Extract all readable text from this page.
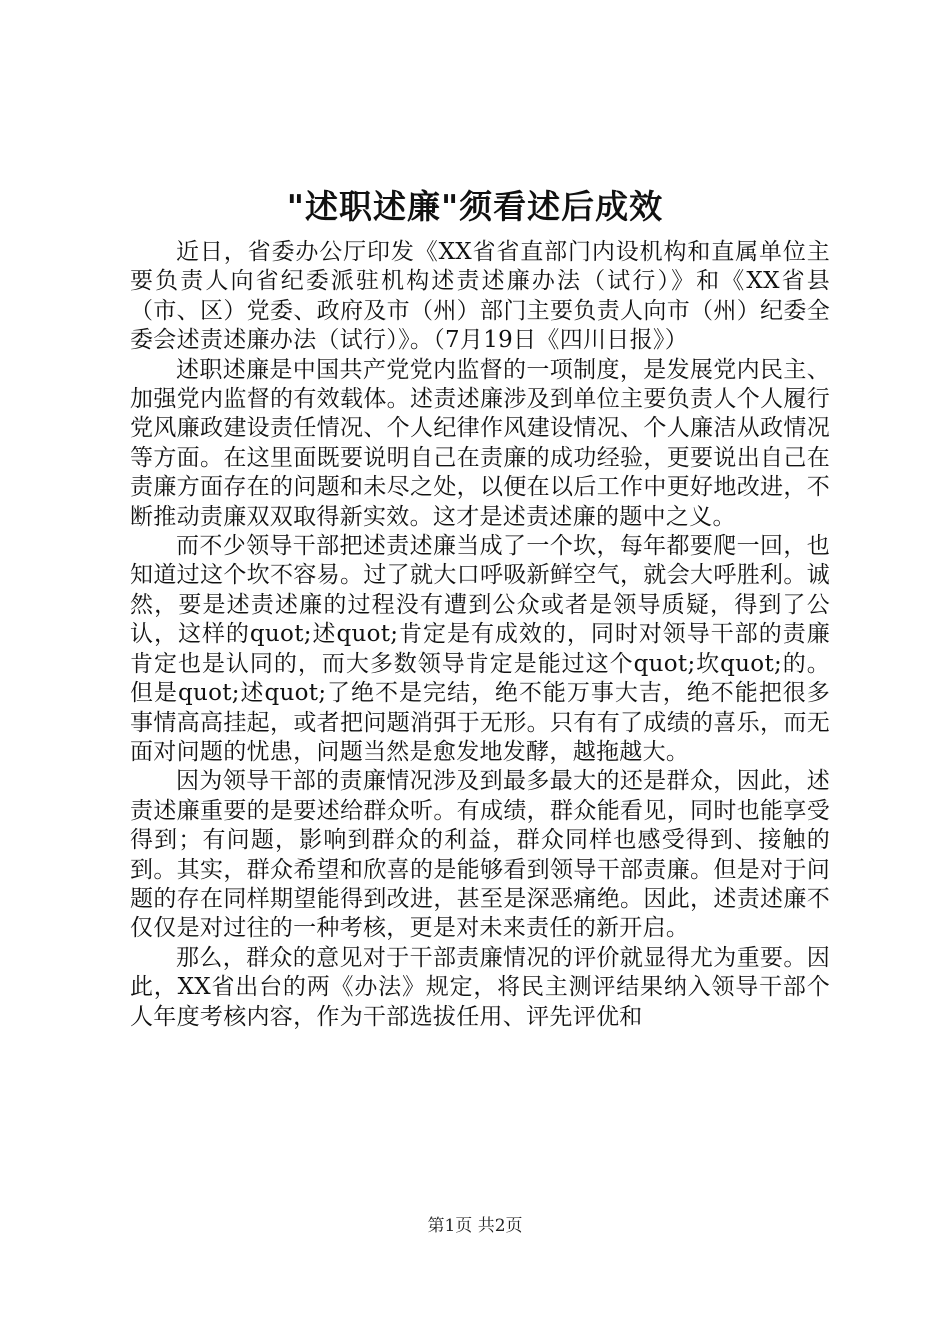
"述职述廉"须看述后成效

近日，省委办公厅印发《XX省省直部门内设机构和直属单位主要负责人向省纪委派驻机构述责述廉办法（试行）》和《XX省县（市、区）党委、政府及市（州）部门主要负责人向市（州）纪委全委会述责述廉办法（试行）》。（7月19日《四川日报》）

述职述廉是中国共产党党内监督的一项制度，是发展党内民主、加强党内监督的有效载体。述责述廉涉及到单位主要负责人个人履行党风廉政建设责任情况、个人纪律作风建设情况、个人廉洁从政情况等方面。在这里面既要说明自己在责廉的成功经验，更要说出自己在责廉方面存在的问题和未尽之处，以便在以后工作中更好地改进，不断推动责廉双双取得新实效。这才是述责述廉的题中之义。

而不少领导干部把述责述廉当成了一个坎，每年都要爬一回，也知道过这个坎不容易。过了就大口呼吸新鲜空气，就会大呼胜利。诚然，要是述责述廉的过程没有遭到公众或者是领导质疑，得到了公认，这样的quot;述quot;肯定是有成效的，同时对领导干部的责廉肯定也是认同的，而大多数领导肯定是能过这个quot;坎quot;的。但是quot;述quot;了绝不是完结，绝不能万事大吉，绝不能把很多事情高高挂起，或者把问题消弭于无形。只有有了成绩的喜乐，而无面对问题的忧患，问题当然是愈发地发酵，越拖越大。

因为领导干部的责廉情况涉及到最多最大的还是群众，因此，述责述廉重要的是要述给群众听。有成绩，群众能看见，同时也能享受得到；有问题，影响到群众的利益，群众同样也感受得到、接触的到。其实，群众希望和欣喜的是能够看到领导干部责廉。但是对于问题的存在同样期望能得到改进，甚至是深恶痛绝。因此，述责述廉不仅仅是对过往的一种考核，更是对未来责任的新开启。

那么，群众的意见对于干部责廉情况的评价就显得尤为重要。因此，XX省出台的两《办法》规定，将民主测评结果纳入领导干部个人年度考核内容，作为干部选拔任用、评先评优和

第1页 共2页
